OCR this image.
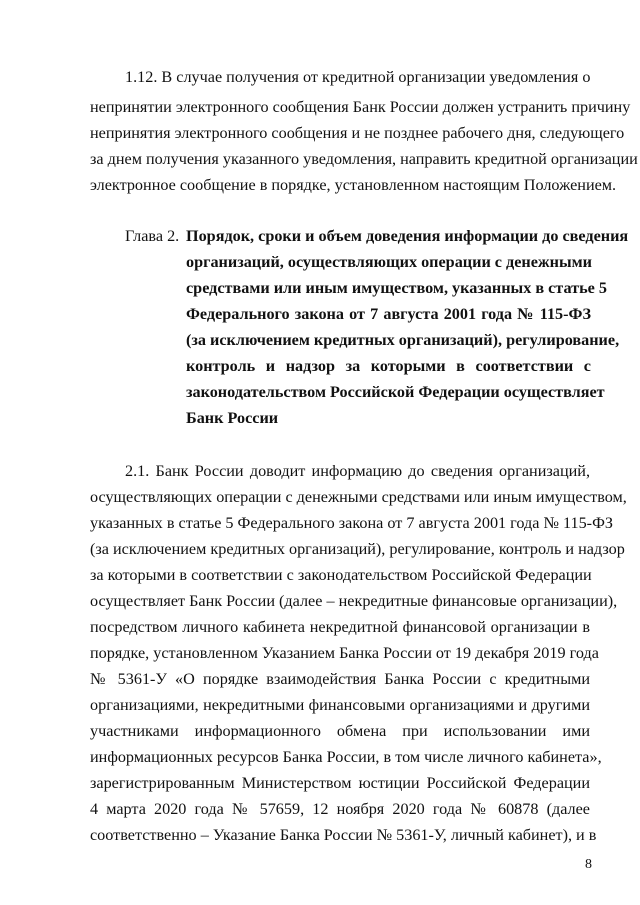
1.12. В случае получения от кредитной организации уведомления о
непринятии электронного сообщения Банк России должен устранить причину
непринятия электронного сообщения и не позднее рабочего дня, следующего
за днем получения указанного уведомления, направить кредитной организации
электронное сообщение в порядке, установленном настоящим Положением.
Глава 2. Порядок, сроки и объем доведения информации до сведения
организаций, осуществляющих операции с денежными
средствами или иным имуществом, указанных в статье 5
Федерального закона от 7 августа 2001 года № 115-ФЗ
(за исключением кредитных организаций), регулирование,
контроль и надзор за которыми в соответствии с
законодательством Российской Федерации осуществляет
Банк России
2.1. Банк России доводит информацию до сведения организаций,
осуществляющих операции с денежными средствами или иным имуществом,
указанных в статье 5 Федерального закона от 7 августа 2001 года № 115-ФЗ
(за исключением кредитных организаций), регулирование, контроль и надзор
за которыми в соответствии с законодательством Российской Федерации
осуществляет Банк России (далее – некредитные финансовые организации),
посредством личного кабинета некредитной финансовой организации в
порядке, установленном Указанием Банка России от 19 декабря 2019 года
№ 5361-У «О порядке взаимодействия Банка России с кредитными
организациями, некредитными финансовыми организациями и другими
участниками информационного обмена при использовании ими
информационных ресурсов Банка России, в том числе личного кабинета»,
зарегистрированным Министерством юстиции Российской Федерации
4 марта 2020 года № 57659, 12 ноября 2020 года № 60878 (далее
соответственно – Указание Банка России № 5361-У, личный кабинет), и в
8
